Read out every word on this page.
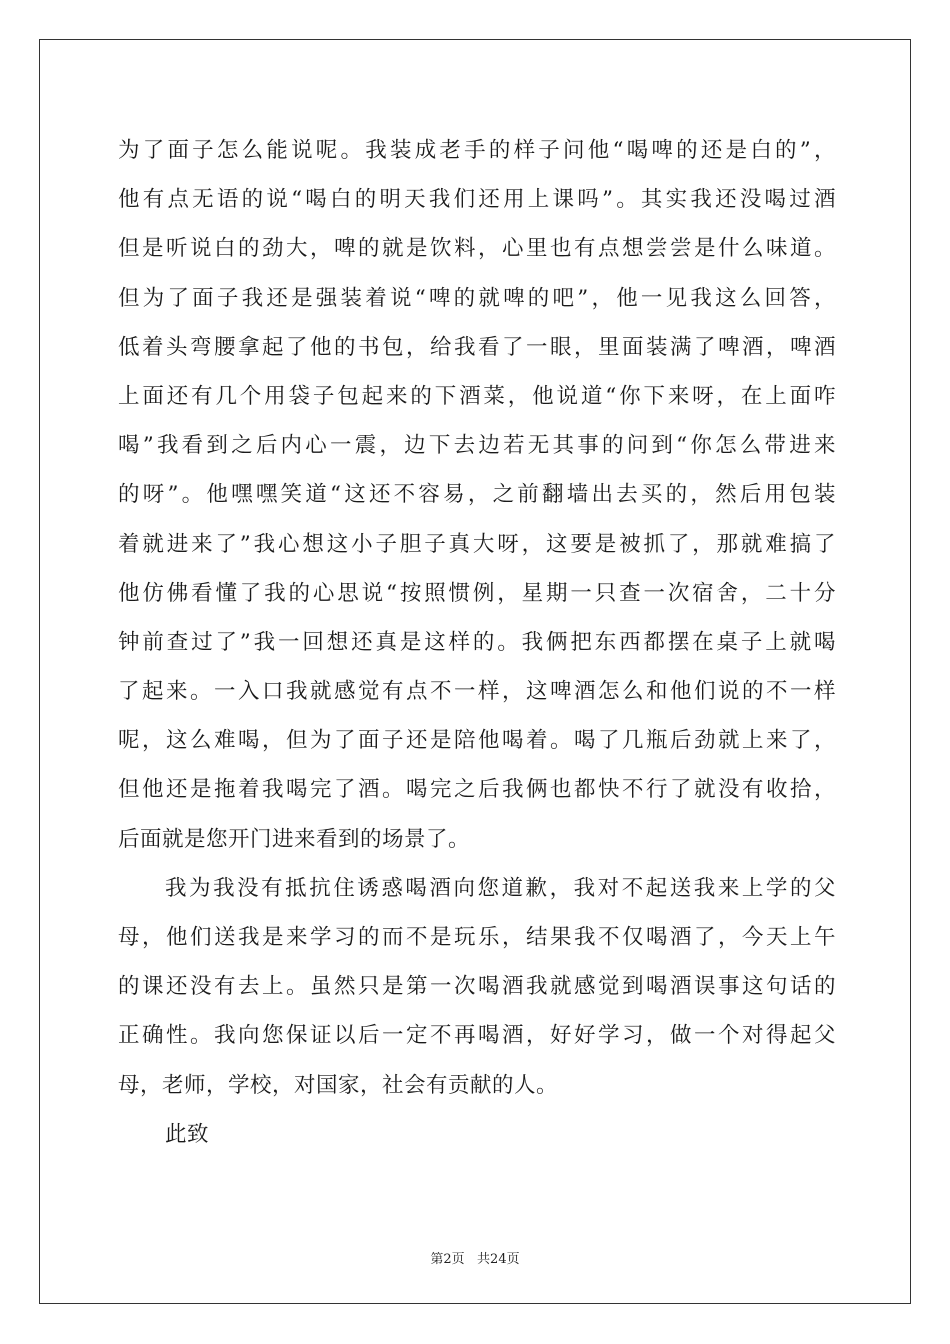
为了面子怎么能说呢。我装成老手的样子问他“喝啤的还是白的”，
他有点无语的说“喝白的明天我们还用上课吗”。其实我还没喝过酒
但是听说白的劲大，啤的就是饮料，心里也有点想尝尝是什么味道。
但为了面子我还是强装着说“啤的就啤的吧”，他一见我这么回答，
低着头弯腰拿起了他的书包，给我看了一眼，里面装满了啤酒，啤酒
上面还有几个用袋子包起来的下酒菜，他说道“你下来呀，在上面咋
喝”我看到之后内心一震，边下去边若无其事的问到“你怎么带进来
的呀”。他嘿嘿笑道“这还不容易，之前翻墙出去买的，然后用包装
着就进来了”我心想这小子胆子真大呀，这要是被抓了，那就难搞了
他仿佛看懂了我的心思说“按照惯例，星期一只查一次宿舍，二十分
钟前查过了”我一回想还真是这样的。我俩把东西都摆在桌子上就喝
了起来。一入口我就感觉有点不一样，这啤酒怎么和他们说的不一样
呢，这么难喝，但为了面子还是陪他喝着。喝了几瓶后劲就上来了，
但他还是拖着我喝完了酒。喝完之后我俩也都快不行了就没有收拾，
后面就是您开门进来看到的场景了。
我为我没有抵抗住诱惑喝酒向您道歉，我对不起送我来上学的父
母，他们送我是来学习的而不是玩乐，结果我不仅喝酒了，今天上午
的课还没有去上。虽然只是第一次喝酒我就感觉到喝酒误事这句话的
正确性。我向您保证以后一定不再喝酒，好好学习，做一个对得起父
母，老师，学校，对国家，社会有贡献的人。
此致
第2页   共24页
